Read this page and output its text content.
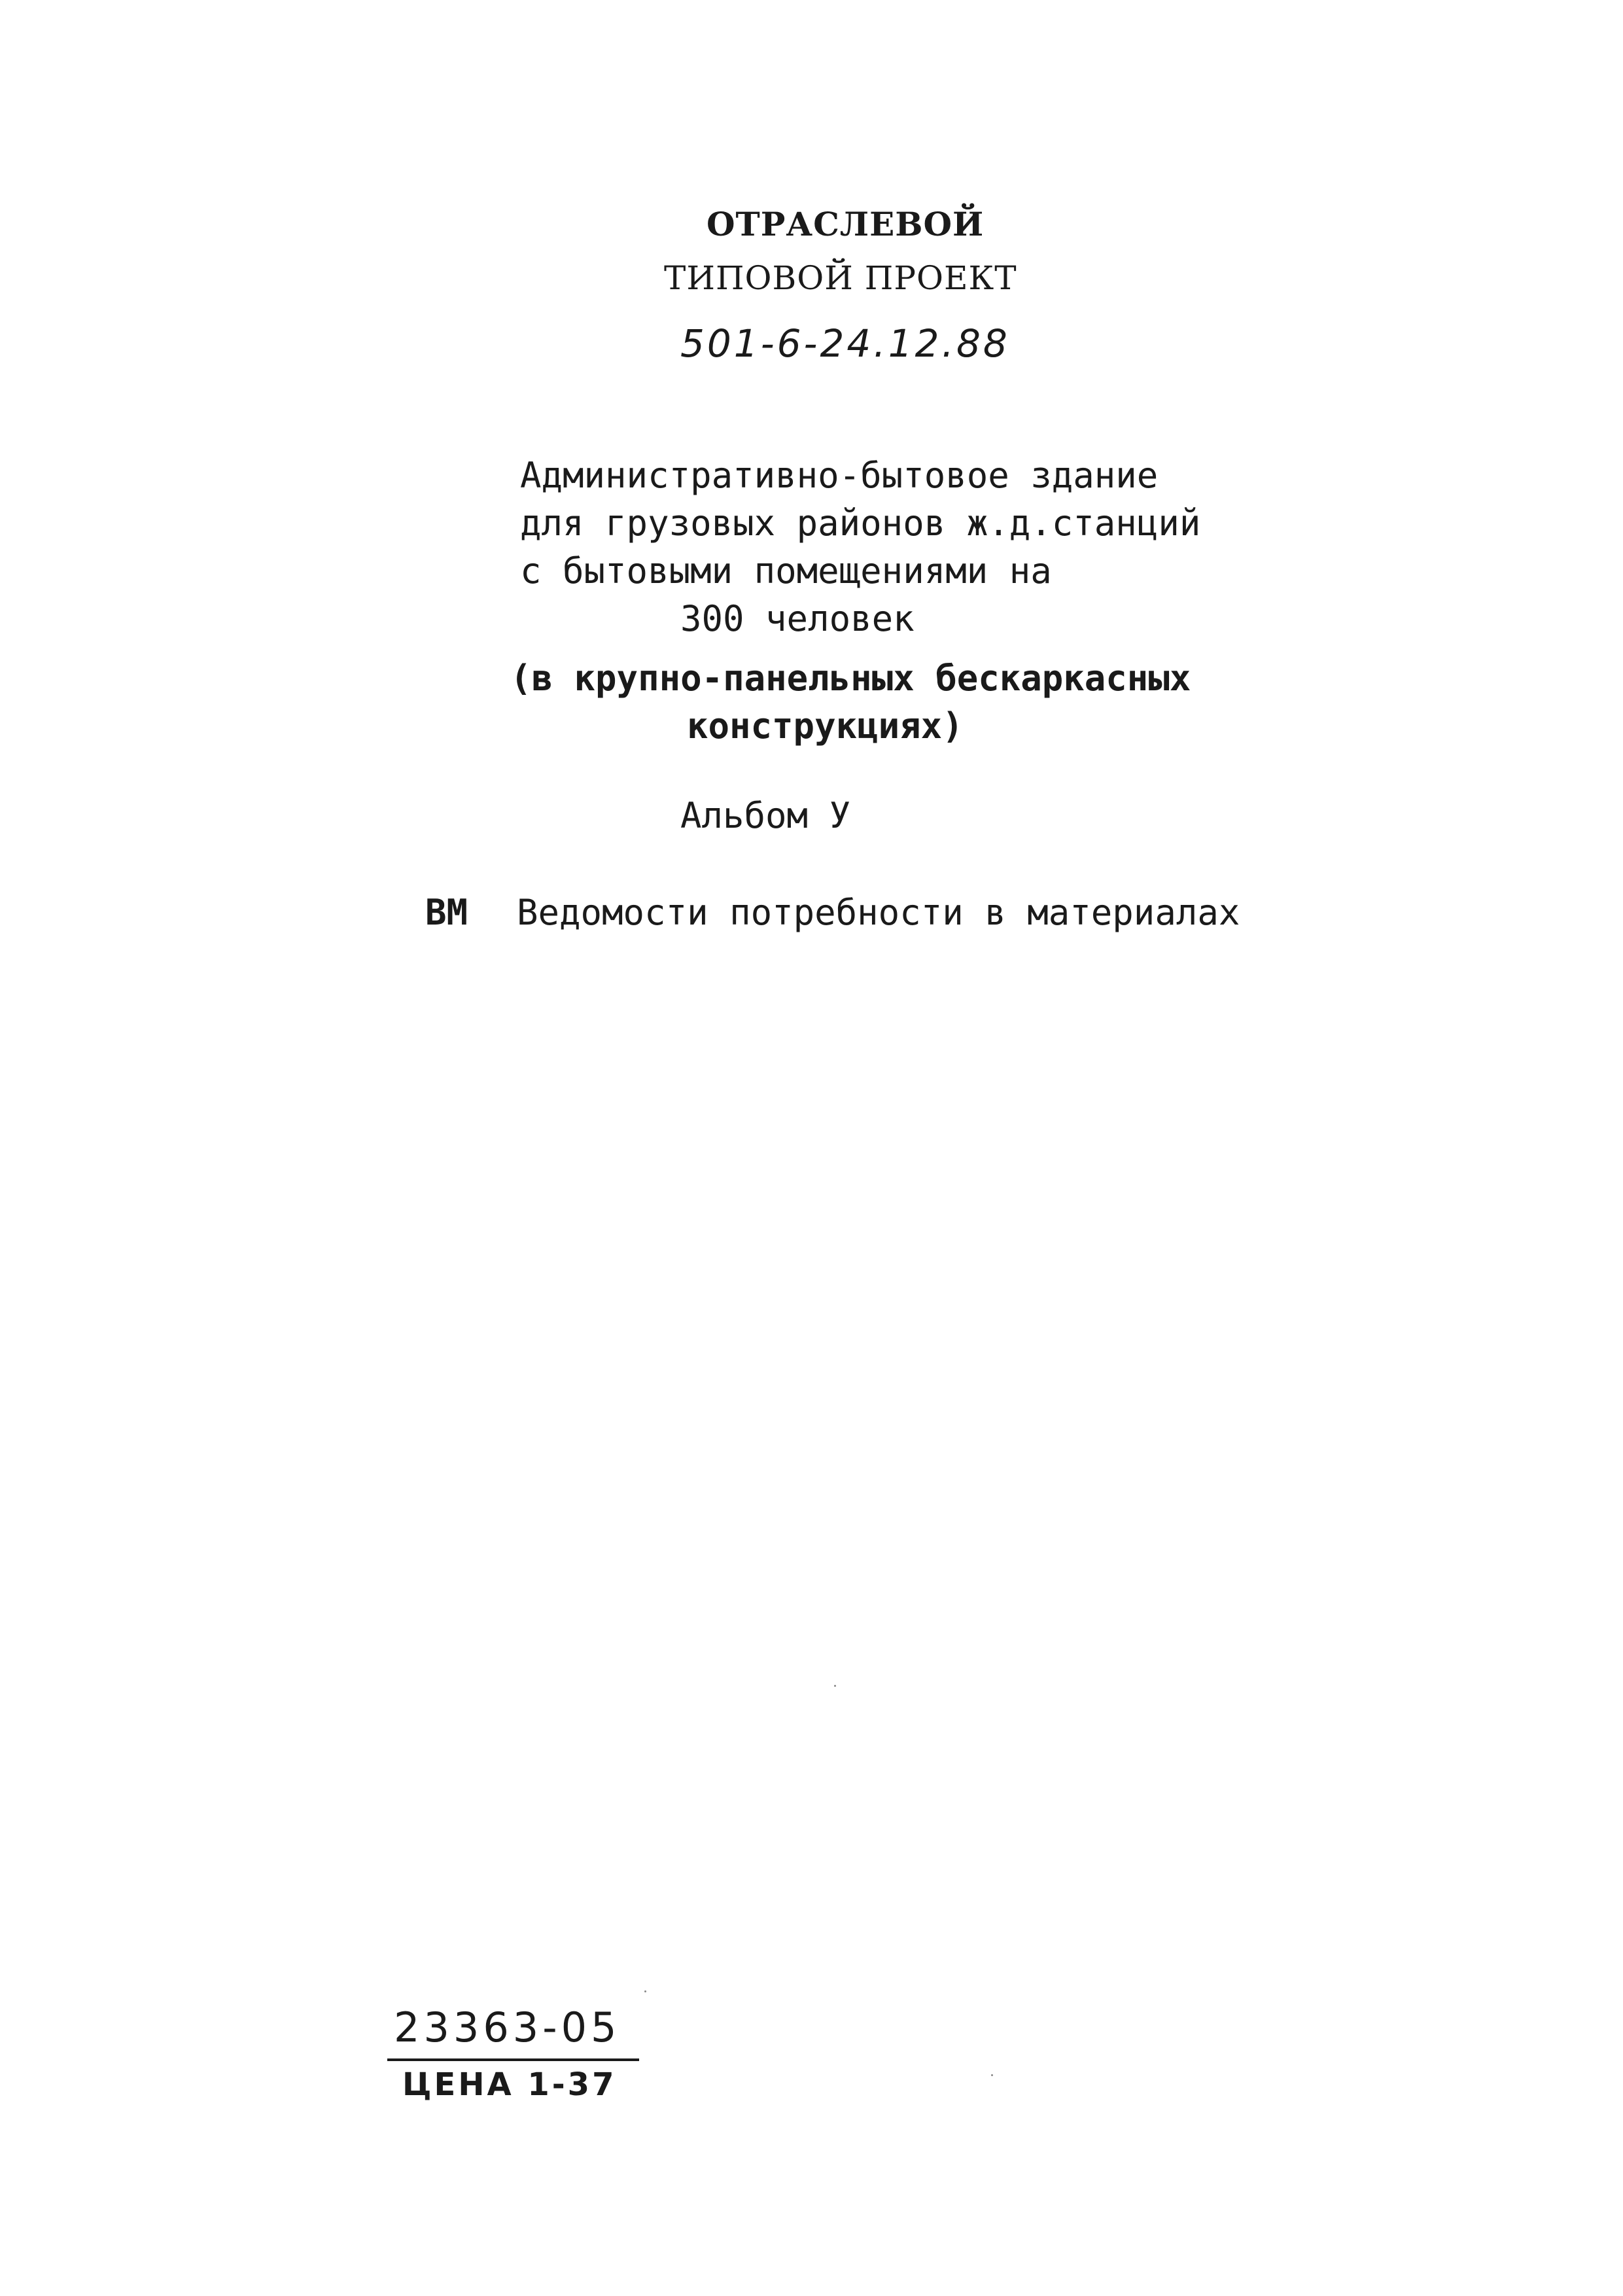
ОТРАСЛЕВОЙ
ТИПОВОЙ ПРОЕКТ
501-6-24.12.88
Административно-бытовое здание
для грузовых районов ж.д.станций
с бытовыми помещениями на
300 человек
(в крупно-панельных бескаркасных
конструкциях)
Альбом У
ВМ Ведомости потребности в материалах
23363-05
ЦЕНА 1-37
